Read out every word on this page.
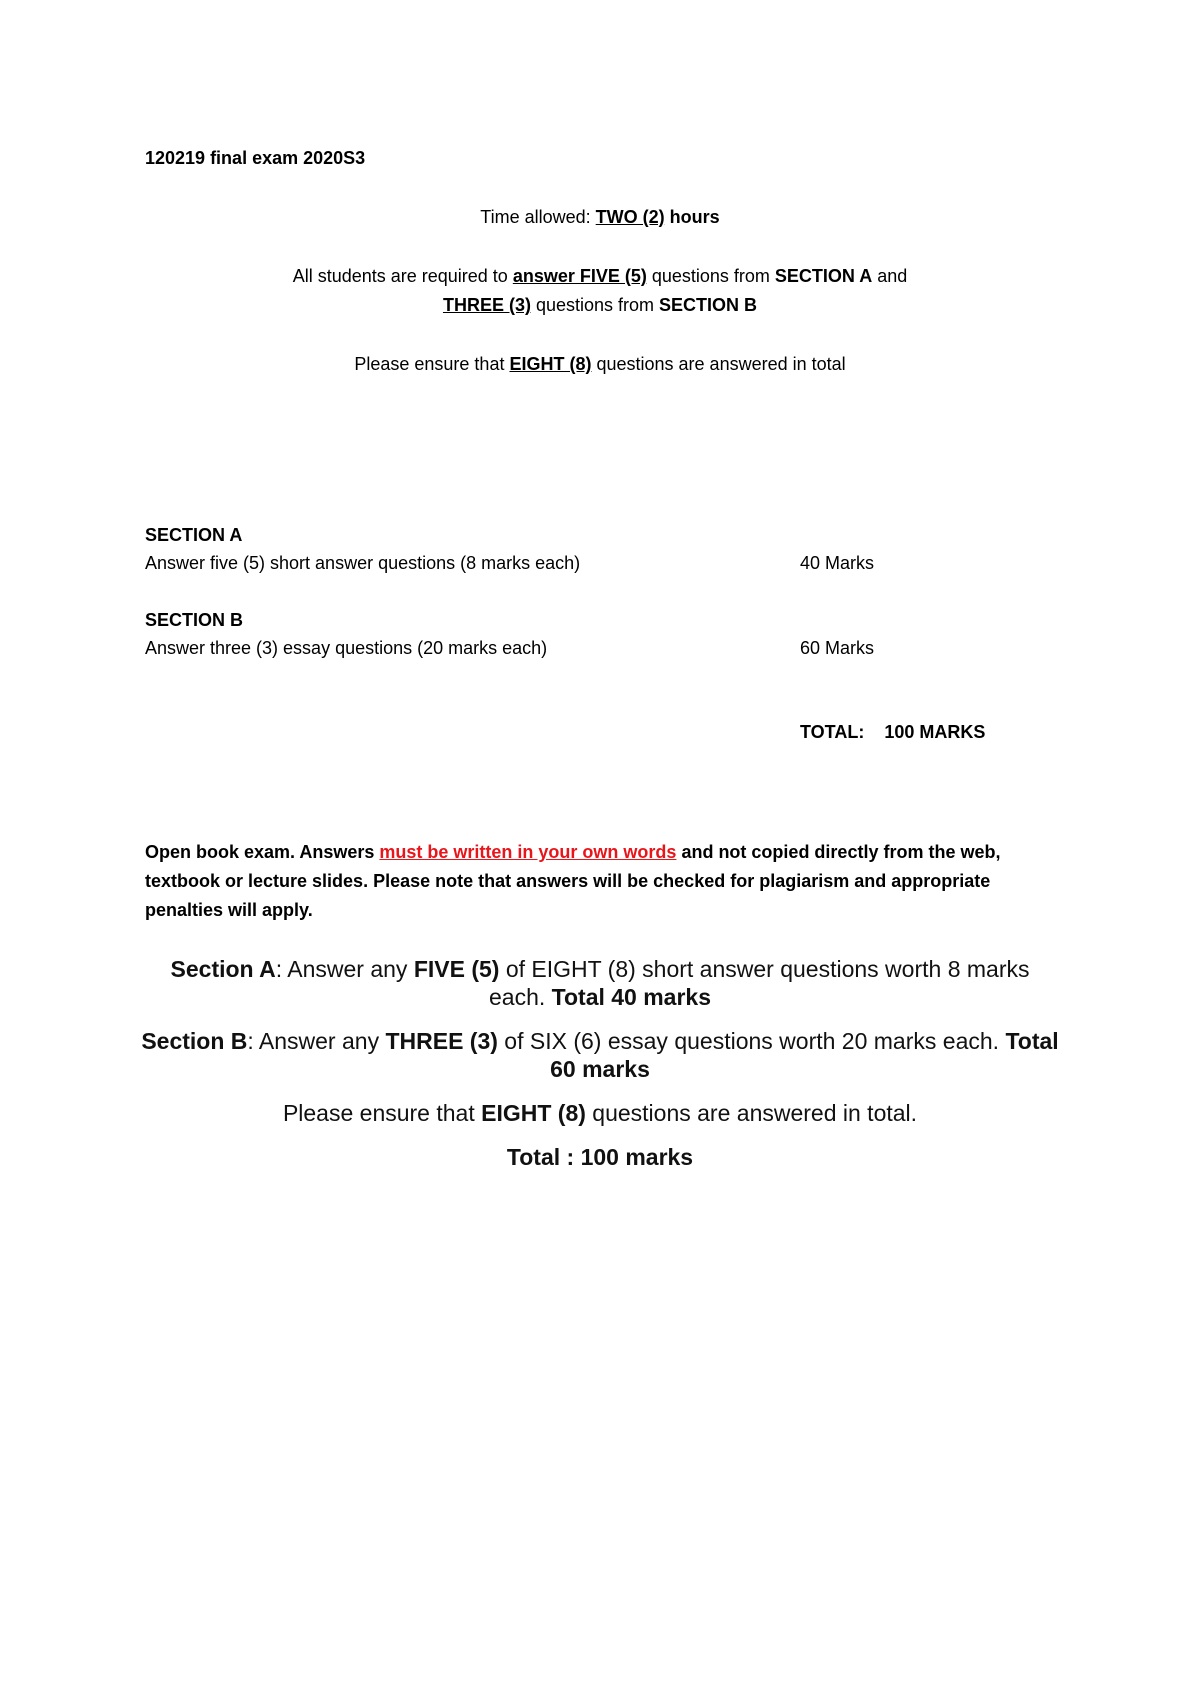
120219 final exam 2020S3
Time allowed: TWO (2) hours
All students are required to answer FIVE (5) questions from SECTION A and
THREE (3) questions from SECTION B
Please ensure that EIGHT (8) questions are answered in total
SECTION A
Answer five (5) short answer questions (8 marks each)	40 Marks
SECTION B
Answer three (3) essay questions (20 marks each)	60 Marks
TOTAL: 100 MARKS
Open book exam. Answers must be written in your own words and not copied directly from the web, textbook or lecture slides. Please note that answers will be checked for plagiarism and appropriate penalties will apply.
Section A: Answer any FIVE (5) of EIGHT (8) short answer questions worth 8 marks each. Total 40 marks
Section B: Answer any THREE (3) of SIX (6) essay questions worth 20 marks each. Total 60 marks
Please ensure that EIGHT (8) questions are answered in total.
Total : 100 marks
